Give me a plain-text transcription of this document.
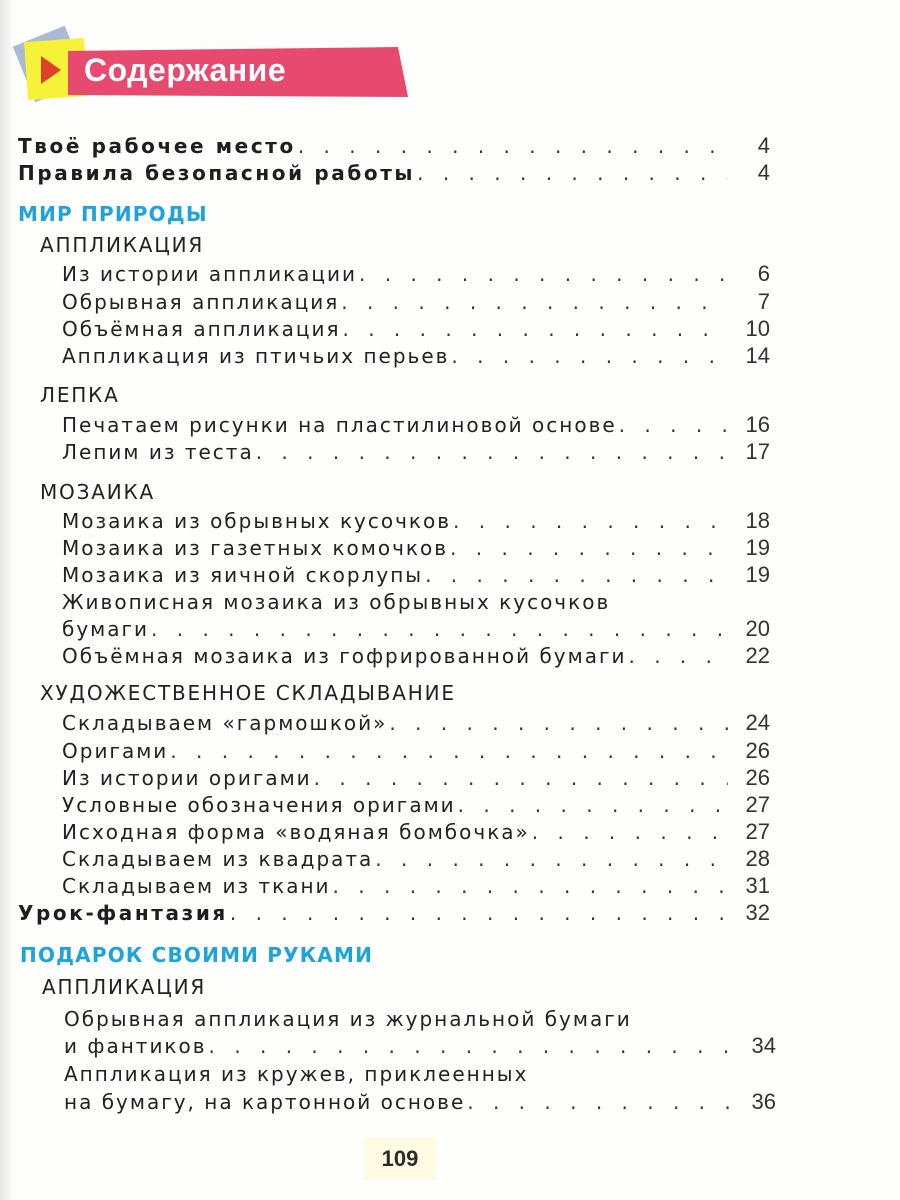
Содержание
Твоё рабочее место . . .	4
Правила безопасной работы . . .	4
МИР ПРИРОДЫ
АППЛИКАЦИЯ
Из истории аппликации . . .	6
Обрывная аппликация . . .	7
Объёмная аппликация . . .	10
Аппликация из птичьих перьев . . .	14
ЛЕПКА
Печатаем рисунки на пластилиновой основе . . .	16
Лепим из теста . . .	17
МОЗАИКА
Мозаика из обрывных кусочков . . .	18
Мозаика из газетных комочков . . .	19
Мозаика из яичной скорлупы . . .	19
Живописная мозаика из обрывных кусочков
бумаги . . .	20
Объёмная мозаика из гофрированной бумаги . . .	22
ХУДОЖЕСТВЕННОЕ СКЛАДЫВАНИЕ
Складываем «гармошкой» . . .	24
Оригами . . .	26
Из истории оригами . . .	26
Условные обозначения оригами . . .	27
Исходная форма «водяная бомбочка» . . .	27
Складываем из квадрата . . .	28
Складываем из ткани . . .	31
Урок-фантазия . . .	32
ПОДАРОК СВОИМИ РУКАМИ
АППЛИКАЦИЯ
Обрывная аппликация из журнальной бумаги
и фантиков . . .	34
Аппликация из кружев, приклеенных
на бумагу, на картонной основе . . .	36
109
